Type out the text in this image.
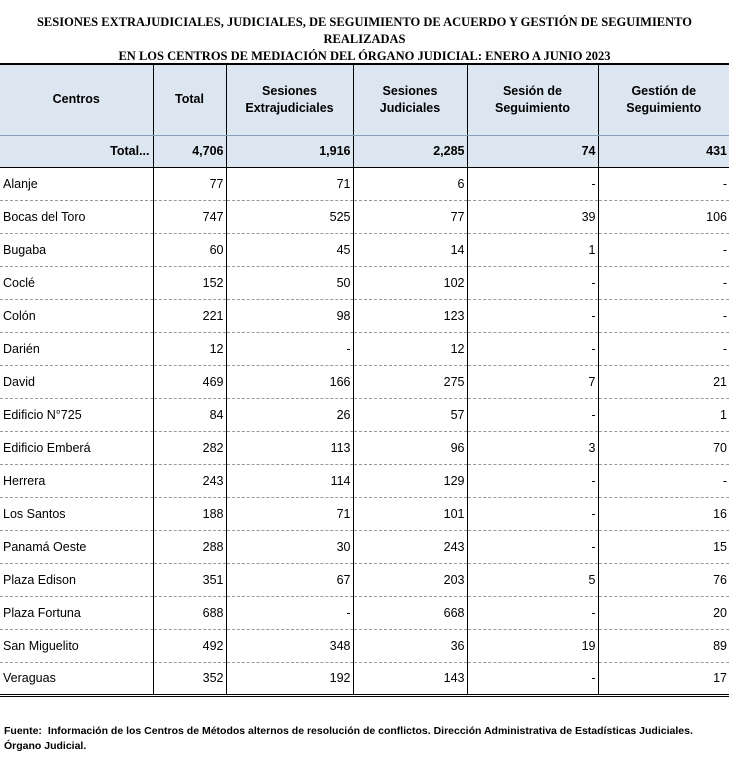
SESIONES EXTRAJUDICIALES, JUDICIALES, DE SEGUIMIENTO DE ACUERDO Y GESTIÓN DE SEGUIMIENTO REALIZADAS
EN LOS CENTROS DE MEDIACIÓN DEL ÓRGANO JUDICIAL: ENERO A JUNIO 2023
Centros	Total	Sesiones Extrajudiciales	Sesiones Judiciales	Sesión de Seguimiento	Gestión de Seguimiento
Total...	4,706	1,916	2,285	74	431
Alanje	77	71	6	-	-
Bocas del Toro	747	525	77	39	106
Bugaba	60	45	14	1	-
Coclé	152	50	102	-	-
Colón	221	98	123	-	-
Darién	12	-	12	-	-
David	469	166	275	7	21
Edificio N°725	84	26	57	-	1
Edificio Emberá	282	113	96	3	70
Herrera	243	114	129	-	-
Los Santos	188	71	101	-	16
Panamá Oeste	288	30	243	-	15
Plaza Edison	351	67	203	5	76
Plaza Fortuna	688	-	668	-	20
San Miguelito	492	348	36	19	89
Veraguas	352	192	143	-	17
Fuente: Información de los Centros de Métodos alternos de resolución de conflictos. Dirección Administrativa de Estadísticas Judiciales. Órgano Judicial.
